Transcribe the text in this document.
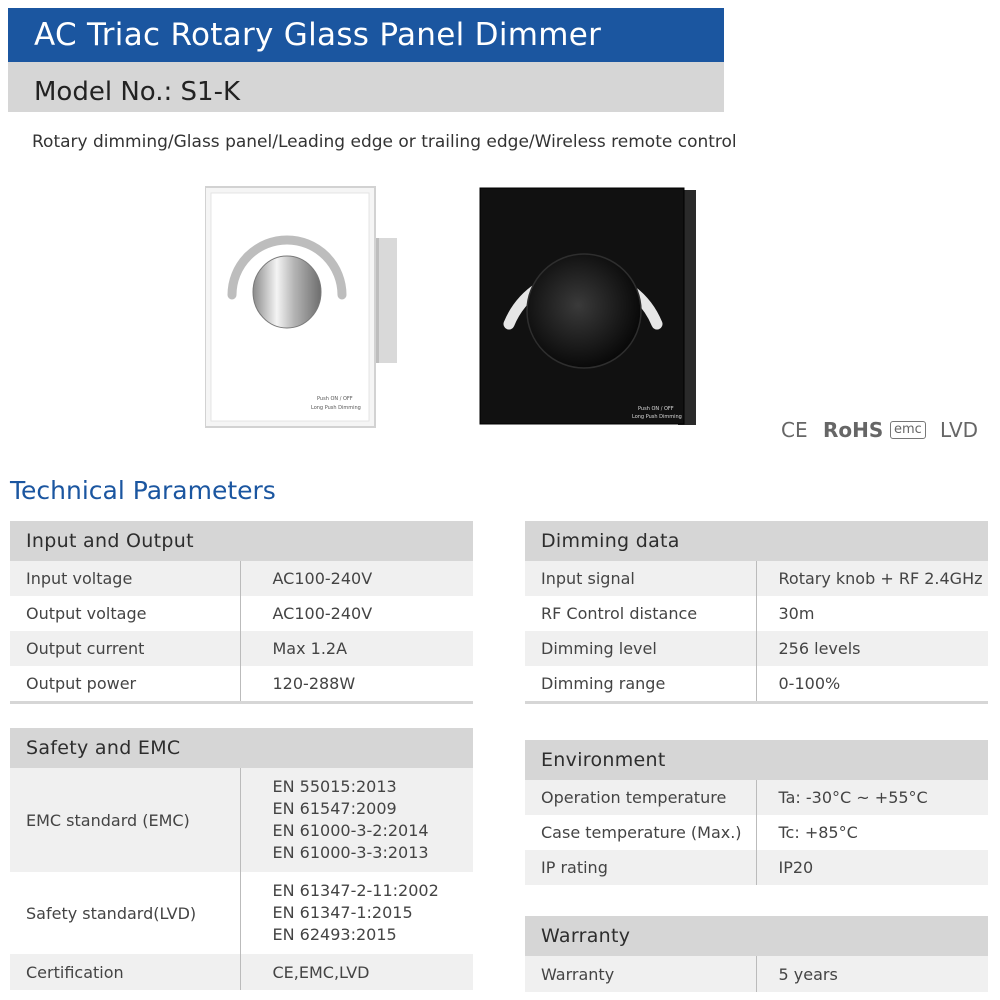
AC Triac Rotary Glass Panel Dimmer
Model No.: S1-K
Rotary dimming/Glass panel/Leading edge or trailing edge/Wireless remote control
Push ON / OFF
Long Push Dimming	Push ON / OFF
Long Push Dimming
CE RoHS emc LVD
Technical Parameters
Input and Output
Input voltage	AC100-240V
Output voltage	AC100-240V
Output current	Max 1.2A
Output power	120-288W
Dimming data
Input signal	Rotary knob + RF 2.4GHz
RF Control distance	30m
Dimming level	256 levels
Dimming range	0-100%
Safety and EMC
EMC standard (EMC)	EN 55015:2013
EN 61547:2009
EN 61000-3-2:2014
EN 61000-3-3:2013

Safety standard(LVD)	EN 61347-2-11:2002
EN 61347-1:2015
EN 62493:2015

Certification	CE,EMC,LVD
Environment
Operation temperature	Ta: -30°C ~ +55°C
Case temperature (Max.)	Tc: +85°C
IP rating	IP20
Warranty
Warranty	5 years
